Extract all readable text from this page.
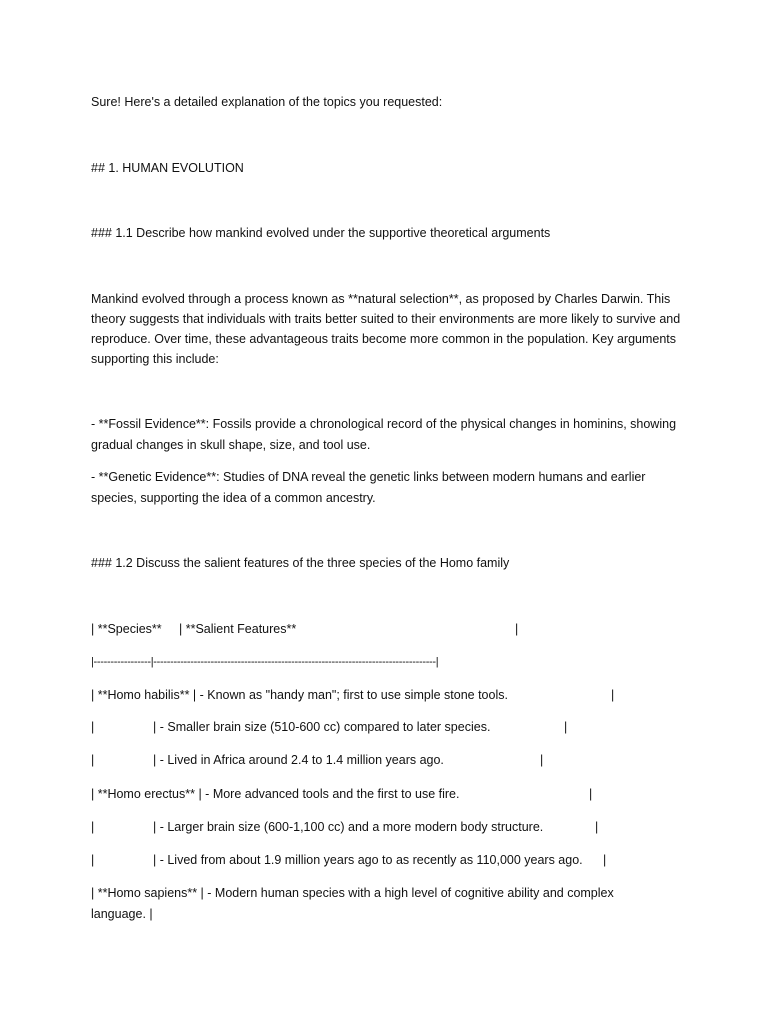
Sure! Here's a detailed explanation of the topics you requested:
## 1. HUMAN EVOLUTION
### 1.1 Describe how mankind evolved under the supportive theoretical arguments
Mankind evolved through a process known as **natural selection**, as proposed by Charles Darwin. This theory suggests that individuals with traits better suited to their environments are more likely to survive and reproduce. Over time, these advantageous traits become more common in the population. Key arguments supporting this include:
- **Fossil Evidence**: Fossils provide a chronological record of the physical changes in hominins, showing gradual changes in skull shape, size, and tool use.
- **Genetic Evidence**: Studies of DNA reveal the genetic links between modern humans and earlier species, supporting the idea of a common ancestry.
### 1.2 Discuss the salient features of the three species of the Homo family
| **Species**     | **Salient Features**	|
|-----------------|------------------------------------------------------------------------------------|
| **Homo habilis** | - Known as "handy man"; first to use simple stone tools.	|
|	| - Smaller brain size (510-600 cc) compared to later species.	|
|	| - Lived in Africa around 2.4 to 1.4 million years ago.	|
| **Homo erectus** | - More advanced tools and the first to use fire.	|
|	| - Larger brain size (600-1,100 cc) and a more modern body structure.	|
|	| - Lived from about 1.9 million years ago to as recently as 110,000 years ago. |
| **Homo sapiens** | - Modern human species with a high level of cognitive ability and complex language. |
